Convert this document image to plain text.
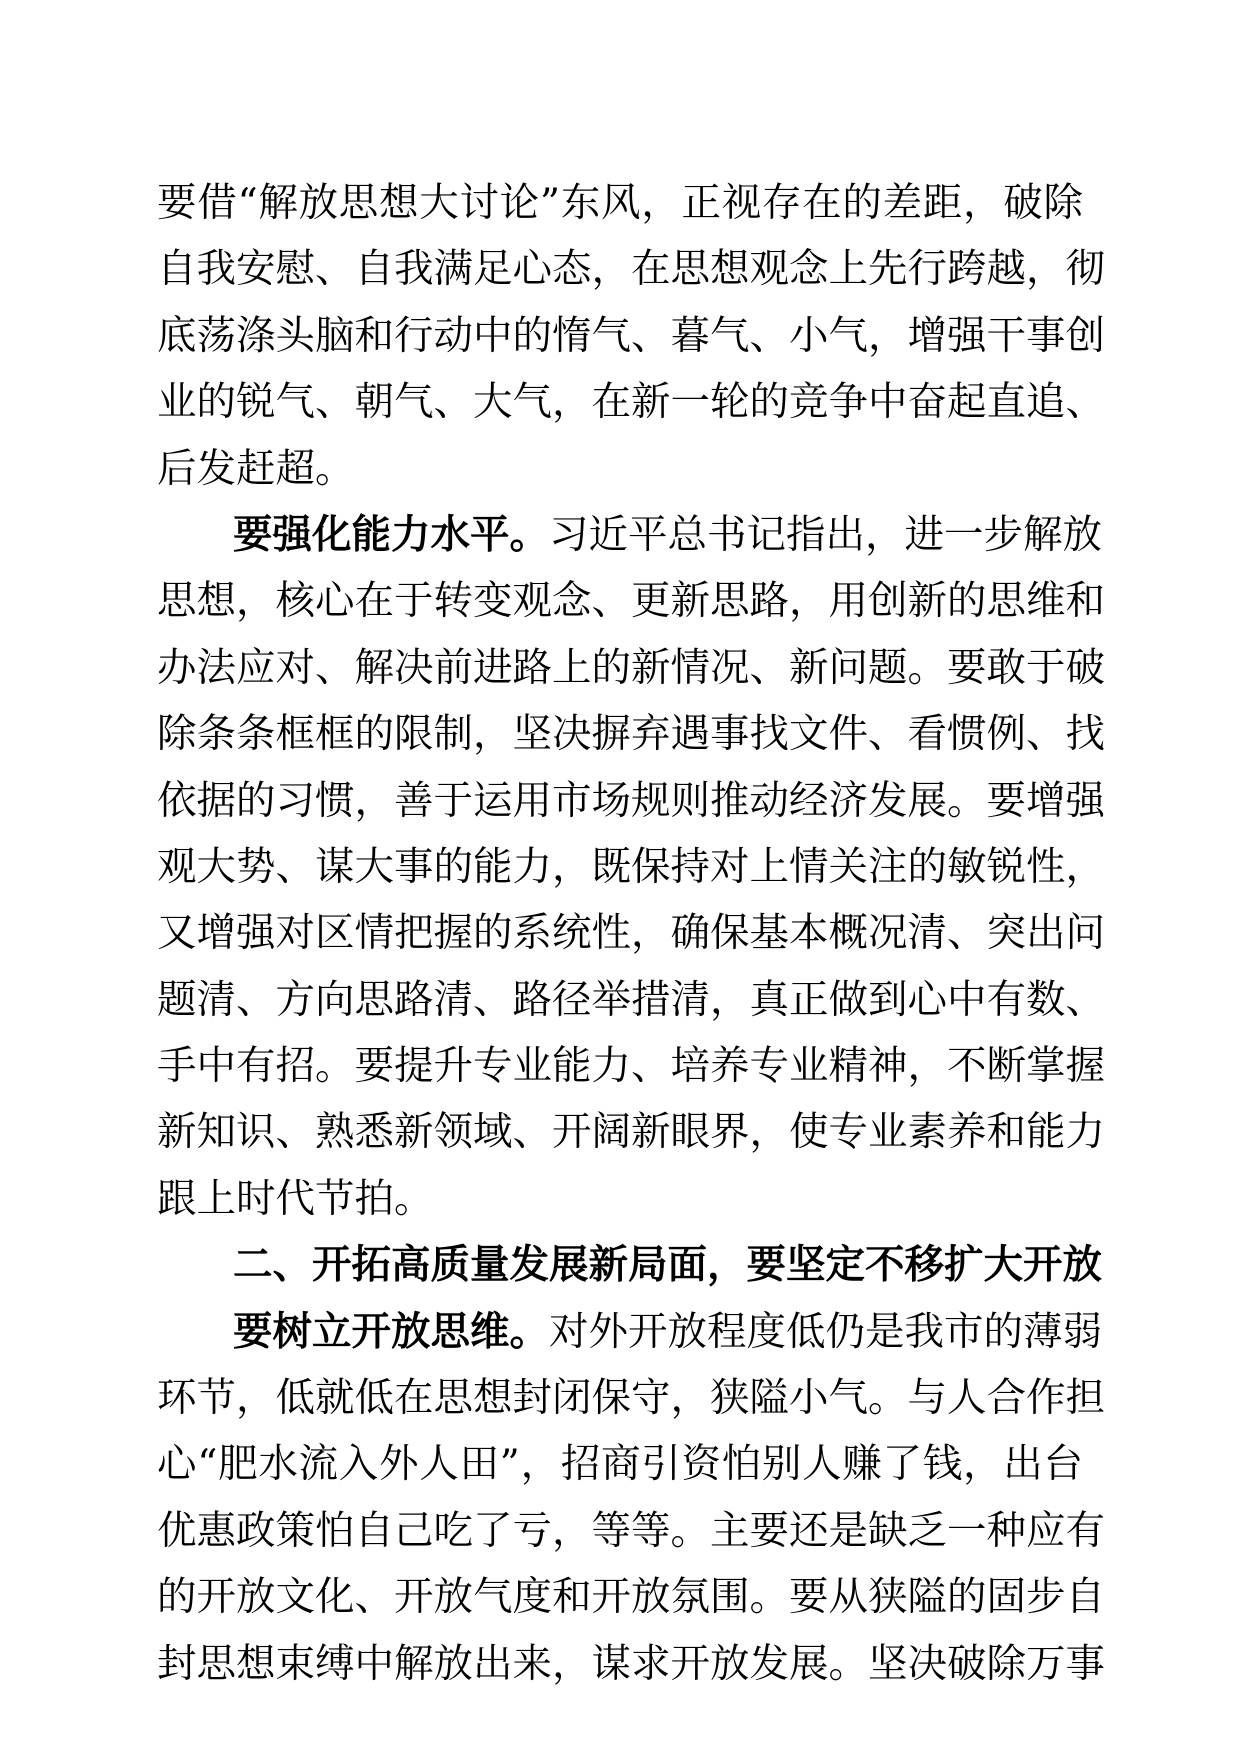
要 借 “ 解 放 思 想 大 讨 论 ” 东 风 ， 正 视 存 在 的 差 距 ， 破 除
自 我 安 慰 、 自 我 满 足 心 态 ， 在 思 想 观 念 上 先 行 跨 越 ， 彻
底 荡 涤 头 脑 和 行 动 中 的 惰 气 、 暮 气 、 小 气 ， 增 强 干 事 创
业 的 锐 气 、 朝 气 、 大 气 ， 在 新 一 轮 的 竞 争 中 奋 起 直 追 、
后 发 赶 超 。
要 强 化 能 力 水 平 。 习 近 平 总 书 记 指 出 ， 进 一 步 解 放
思 想 ， 核 心 在 于 转 变 观 念 、 更 新 思 路 ， 用 创 新 的 思 维 和
办 法 应 对 、 解 决 前 进 路 上 的 新 情 况 、 新 问 题 。 要 敢 于 破
除 条 条 框 框 的 限 制 ， 坚 决 摒 弃 遇 事 找 文 件 、 看 惯 例 、 找
依 据 的 习 惯 ， 善 于 运 用 市 场 规 则 推 动 经 济 发 展 。 要 增 强
观 大 势 、 谋 大 事 的 能 力 ， 既 保 持 对 上 情 关 注 的 敏 锐 性 ，
又 增 强 对 区 情 把 握 的 系 统 性 ， 确 保 基 本 概 况 清 、 突 出 问
题 清 、 方 向 思 路 清 、 路 径 举 措 清 ， 真 正 做 到 心 中 有 数 、
手 中 有 招 。 要 提 升 专 业 能 力 、 培 养 专 业 精 神 ， 不 断 掌 握
新 知 识 、 熟 悉 新 领 域 、 开 阔 新 眼 界 ， 使 专 业 素 养 和 能 力
跟 上 时 代 节 拍 。
二 、 开 拓 高 质 量 发 展 新 局 面 ， 要 坚 定 不 移 扩 大 开 放
要 树 立 开 放 思 维 。 对 外 开 放 程 度 低 仍 是 我 市 的 薄 弱
环 节 ， 低 就 低 在 思 想 封 闭 保 守 ， 狭 隘 小 气 。 与 人 合 作 担
心 “ 肥 水 流 入 外 人 田 ” ， 招 商 引 资 怕 别 人 赚 了 钱 ， 出 台
优 惠 政 策 怕 自 己 吃 了 亏 ， 等 等 。 主 要 还 是 缺 乏 一 种 应 有
的 开 放 文 化 、 开 放 气 度 和 开 放 氛 围 。 要 从 狭 隘 的 固 步 自
封 思 想 束 缚 中 解 放 出 来 ， 谋 求 开 放 发 展 。 坚 决 破 除 万 事
